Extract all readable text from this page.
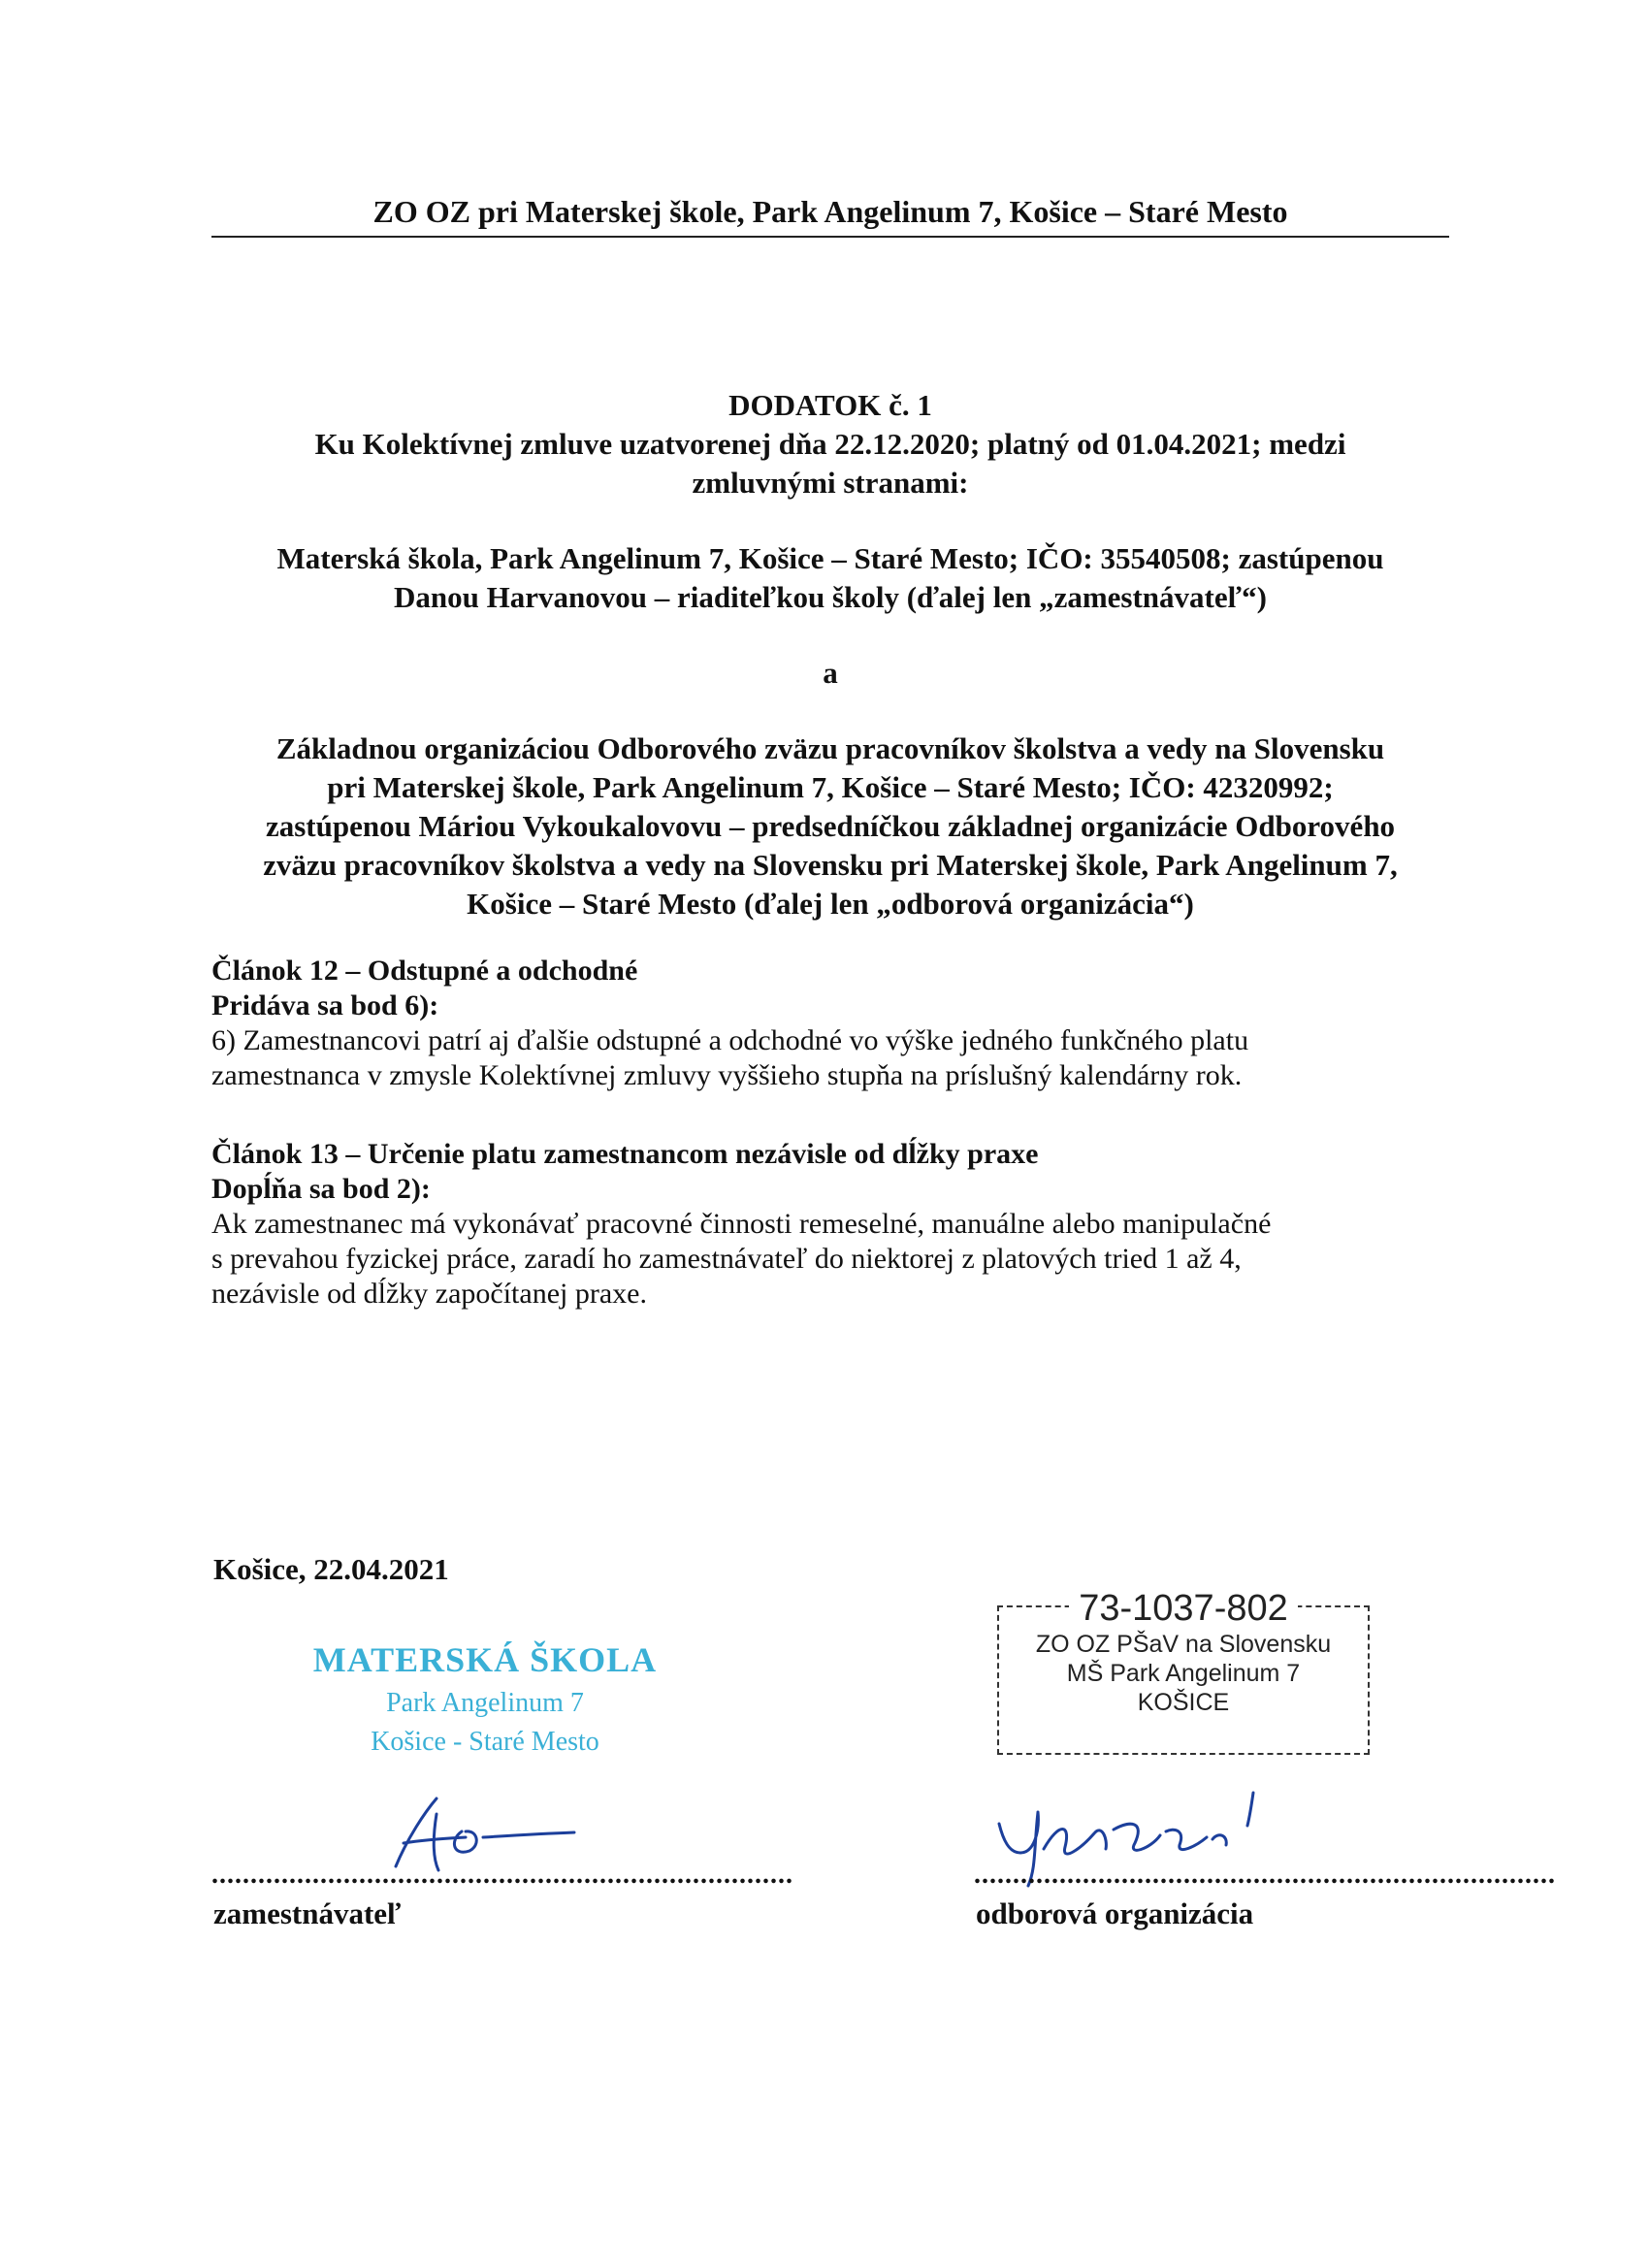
ZO OZ pri Materskej škole, Park Angelinum 7, Košice – Staré Mesto
DODATOK č. 1
Ku Kolektívnej zmluve uzatvorenej dňa 22.12.2020; platný od 01.04.2021; medzi
zmluvnými stranami:
Materská škola, Park Angelinum 7, Košice – Staré Mesto; IČO: 35540508; zastúpenou
Danou Harvanovou – riaditeľkou školy (ďalej len „zamestnávateľ“)
a
Základnou organizáciou Odborového zväzu pracovníkov školstva a vedy na Slovensku
pri Materskej škole, Park Angelinum 7, Košice – Staré Mesto; IČO: 42320992;
zastúpenou Máriou Vykoukalovovu – predsedníčkou základnej organizácie Odborového
zväzu pracovníkov školstva a vedy na Slovensku pri Materskej škole, Park Angelinum 7,
Košice – Staré Mesto (ďalej len „odborová organizácia“)
Článok 12 – Odstupné a odchodné
Pridáva sa bod 6):
6) Zamestnancovi patrí aj ďalšie odstupné a odchodné vo výške jedného funkčného platu
zamestnanca v zmysle Kolektívnej zmluvy vyššieho stupňa na príslušný kalendárny rok.
Článok 13 – Určenie platu zamestnancom nezávisle od dĺžky praxe
Dopĺňa sa bod 2):
Ak zamestnanec má vykonávať pracovné činnosti remeselné, manuálne alebo manipulačné
s prevahou fyzickej práce, zaradí ho zamestnávateľ do niektorej z platových tried 1 až 4,
nezávisle od dĺžky započítanej praxe.
Košice, 22.04.2021
MATERSKÁ ŠKOLA
Park Angelinum 7
Košice - Staré Mesto
73-1037-802
ZO OZ PŠaV na Slovensku
MŠ Park Angelinum 7
KOŠICE
...........................................................................
zamestnávateľ
...........................................................................
odborová organizácia
